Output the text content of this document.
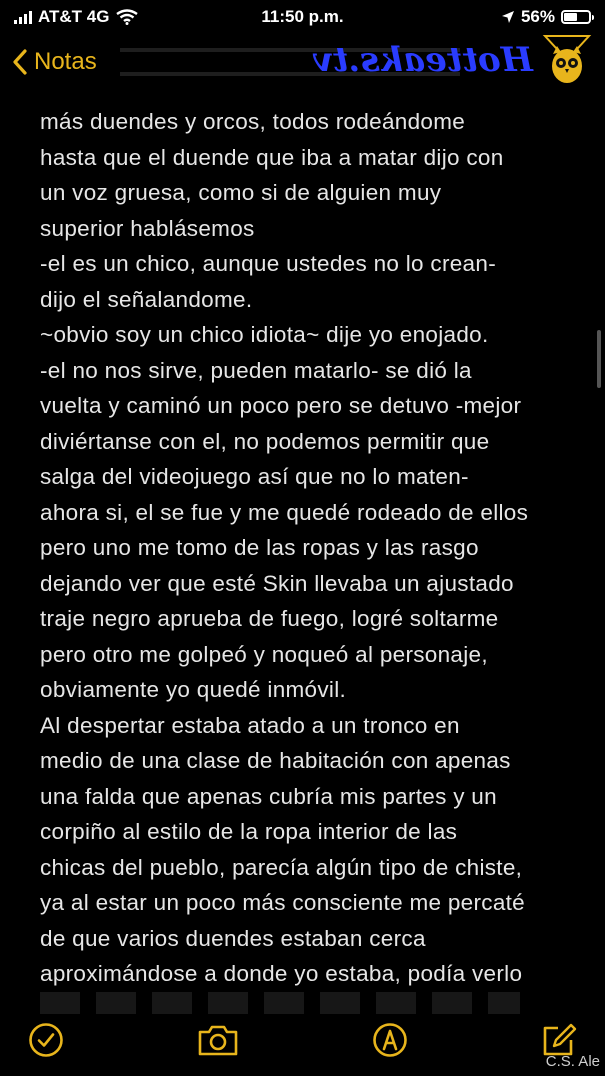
AT&T 4G	11:50 p.m.	56%
Notas	Hotteaks.tv

más duendes y orcos, todos rodeándome

hasta que el duende que iba a matar dijo con

un voz gruesa, como si de alguien muy

superior hablásemos

-el es un chico, aunque ustedes no lo crean-

dijo el señalandome.

~obvio soy un chico idiota~ dije yo enojado.

-el no nos sirve, pueden matarlo- se dió la

vuelta y caminó un poco pero se detuvo -mejor

diviértanse con el, no podemos permitir que

salga del videojuego así que no lo maten-

ahora si, el se fue y me quedé rodeado de ellos

pero uno me tomo de las ropas y las rasgo

dejando ver que esté Skin llevaba un ajustado

traje negro aprueba de fuego, logré soltarme

pero otro me golpeó y noqueó al personaje,

obviamente yo quedé inmóvil.

Al despertar estaba atado a un tronco en

medio de una clase de habitación con apenas

una falda que apenas cubría mis partes y un

corpiño al estilo de la ropa interior de las

chicas del pueblo, parecía algún tipo de chiste,

ya al estar un poco más consciente me percaté

de que varios duendes estaban cerca

aproximándose a donde yo estaba, podía verlo

C.S. Ale
